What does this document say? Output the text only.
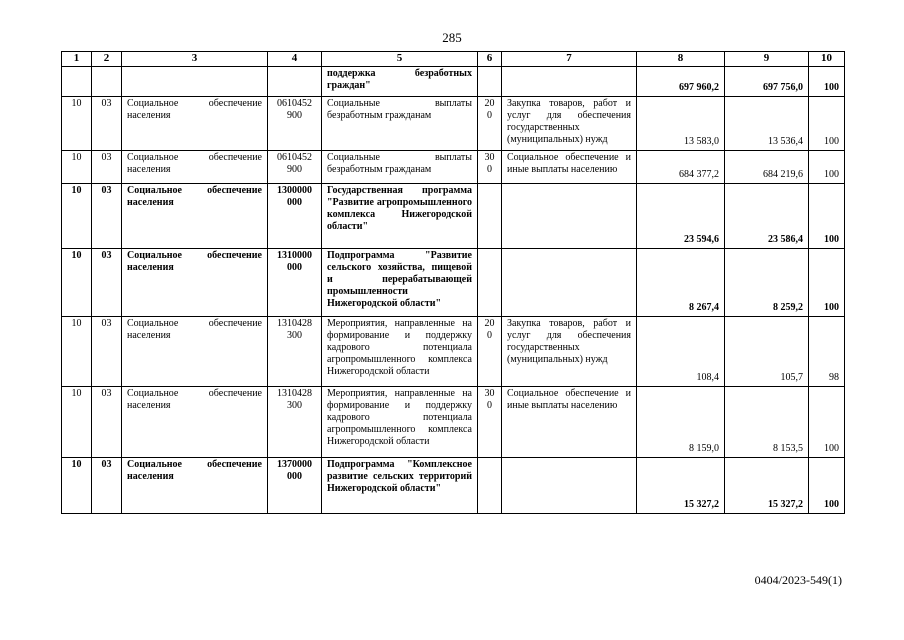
285
1	2	3	4	5	6	7	8	9	10
				поддержка безработных граждан"			697 960,2	697 756,0	100
10	03	Социальное обеспечение населения	0610452 900	Социальные выплаты безработным гражданам	200	Закупка товаров, работ и услуг для обеспечения государственных (муниципальных) нужд	13 583,0	13 536,4	100
10	03	Социальное обеспечение населения	0610452 900	Социальные выплаты безработным гражданам	300	Социальное обеспечение и иные выплаты населению	684 377,2	684 219,6	100
10	03	Социальное обеспечение населения	1300000 000	Государственная программа "Развитие агропромышленного комплекса Нижегородской области"			23 594,6	23 586,4	100
10	03	Социальное обеспечение населения	1310000 000	Подпрограмма "Развитие сельского хозяйства, пищевой и перерабатывающей промышленности Нижегородской области"			8 267,4	8 259,2	100
10	03	Социальное обеспечение населения	1310428 300	Мероприятия, направленные на формирование и поддержку кадрового потенциала агропромышленного комплекса Нижегородской области	200	Закупка товаров, работ и услуг для обеспечения государственных (муниципальных) нужд	108,4	105,7	98
10	03	Социальное обеспечение населения	1310428 300	Мероприятия, направленные на формирование и поддержку кадрового потенциала агропромышленного комплекса Нижегородской области	300	Социальное обеспечение и иные выплаты населению	8 159,0	8 153,5	100
10	03	Социальное обеспечение населения	1370000 000	Подпрограмма "Комплексное развитие сельских территорий Нижегородской области"			15 327,2	15 327,2	100
0404/2023-549(1)
